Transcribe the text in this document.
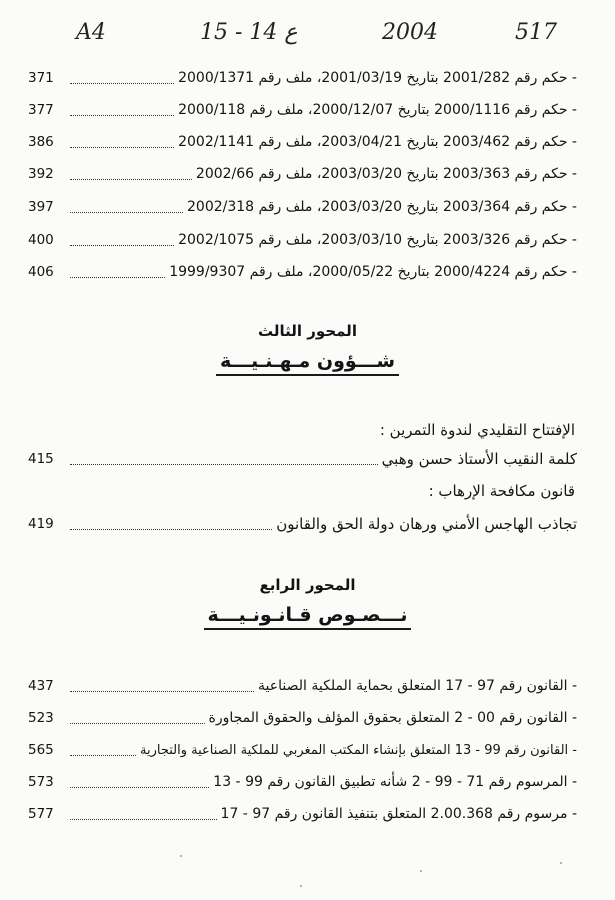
A4	15 - 14 ع	2004	517
371	- حكم رقم 2001/282 بتاريخ 2001/03/19، ملف رقم 2000/1371
377	- حكم رقم 2000/1116 بتاريخ 2000/12/07، ملف رقم 2000/118
386	- حكم رقم 2003/462 بتاريخ 2003/04/21، ملف رقم 2002/1141
392	- حكم رقم 2003/363 بتاريخ 2003/03/20، ملف رقم 2002/66
397	- حكم رقم 2003/364 بتاريخ 2003/03/20، ملف رقم 2002/318
400	- حكم رقم 2003/326 بتاريخ 2003/03/10، ملف رقم 2002/1075
406	- حكم رقم 2000/4224 بتاريخ 2000/05/22، ملف رقم 1999/9307
المحور الثالث
شـــؤون مـهـنـيـــة
الإفتتاح التقليدي لندوة التمرين :
415	كلمة النقيب الأستاذ حسن وهبي
قانون مكافحة الإرهاب :
419	تجاذب الهاجس الأمني ورهان دولة الحق والقانون
المحور الرابع
نـــصـوص قـانـونـيـــة
437	- القانون رقم 97 - 17 المتعلق بحماية الملكية الصناعية
523	- القانون رقم 00 - 2 المتعلق بحقوق المؤلف والحقوق المجاورة
565	- القانون رقم 99 - 13 المتعلق بإنشاء المكتب المغربي للملكية الصناعية والتجارية
573	- المرسوم رقم 71 - 99 - 2 شأنه تطبيق القانون رقم 99 - 13
577	- مرسوم رقم 2.00.368 المتعلق بتنفيذ القانون رقم 97 - 17
